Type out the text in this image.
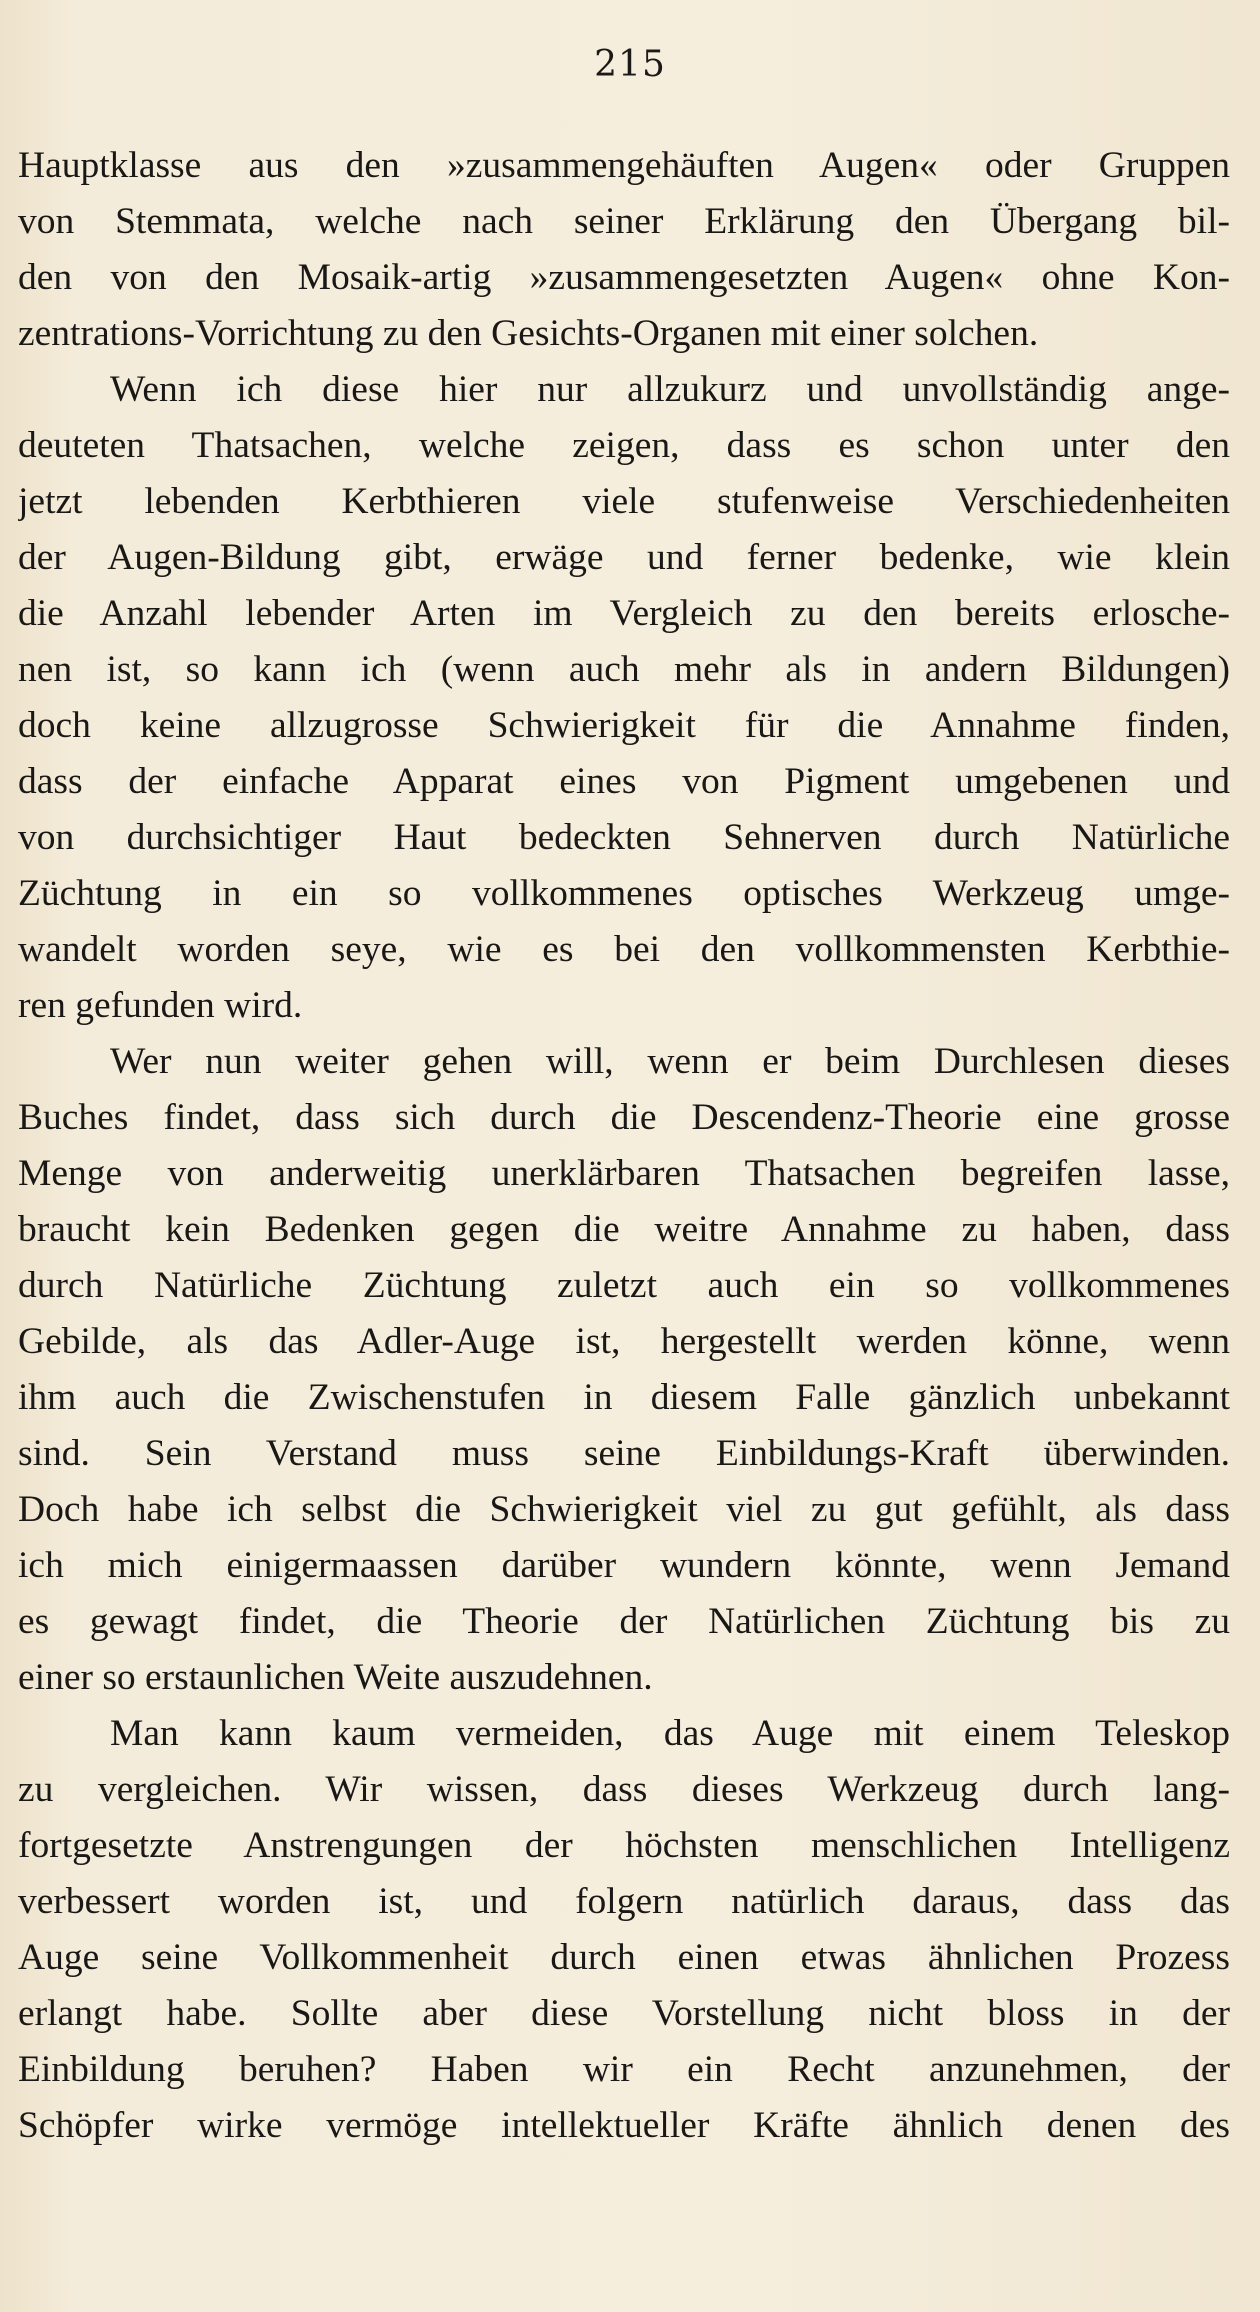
215
Hauptklasse aus den »zusammengehäuften Augen« oder Gruppen
von Stemmata, welche nach seiner Erklärung den Übergang bil-
den von den Mosaik-artig »zusammengesetzten Augen« ohne Kon-
zentrations-Vorrichtung zu den Gesichts-Organen mit einer solchen.
Wenn ich diese hier nur allzukurz und unvollständig ange-
deuteten Thatsachen, welche zeigen, dass es schon unter den
jetzt lebenden Kerbthieren viele stufenweise Verschiedenheiten
der Augen-Bildung gibt, erwäge und ferner bedenke, wie klein
die Anzahl lebender Arten im Vergleich zu den bereits erlosche-
nen ist, so kann ich (wenn auch mehr als in andern Bildungen)
doch keine allzugrosse Schwierigkeit für die Annahme finden,
dass der einfache Apparat eines von Pigment umgebenen und
von durchsichtiger Haut bedeckten Sehnerven durch Natürliche
Züchtung in ein so vollkommenes optisches Werkzeug umge-
wandelt worden seye, wie es bei den vollkommensten Kerbthie-
ren gefunden wird.
Wer nun weiter gehen will, wenn er beim Durchlesen dieses
Buches findet, dass sich durch die Descendenz-Theorie eine grosse
Menge von anderweitig unerklärbaren Thatsachen begreifen lasse,
braucht kein Bedenken gegen die weitre Annahme zu haben, dass
durch Natürliche Züchtung zuletzt auch ein so vollkommenes
Gebilde, als das Adler-Auge ist, hergestellt werden könne, wenn
ihm auch die Zwischenstufen in diesem Falle gänzlich unbekannt
sind. Sein Verstand muss seine Einbildungs-Kraft überwinden.
Doch habe ich selbst die Schwierigkeit viel zu gut gefühlt, als dass
ich mich einigermaassen darüber wundern könnte, wenn Jemand
es gewagt findet, die Theorie der Natürlichen Züchtung bis zu
einer so erstaunlichen Weite auszudehnen.
Man kann kaum vermeiden, das Auge mit einem Teleskop
zu vergleichen. Wir wissen, dass dieses Werkzeug durch lang-
fortgesetzte Anstrengungen der höchsten menschlichen Intelligenz
verbessert worden ist, und folgern natürlich daraus, dass das
Auge seine Vollkommenheit durch einen etwas ähnlichen Prozess
erlangt habe. Sollte aber diese Vorstellung nicht bloss in der
Einbildung beruhen? Haben wir ein Recht anzunehmen, der
Schöpfer wirke vermöge intellektueller Kräfte ähnlich denen des
